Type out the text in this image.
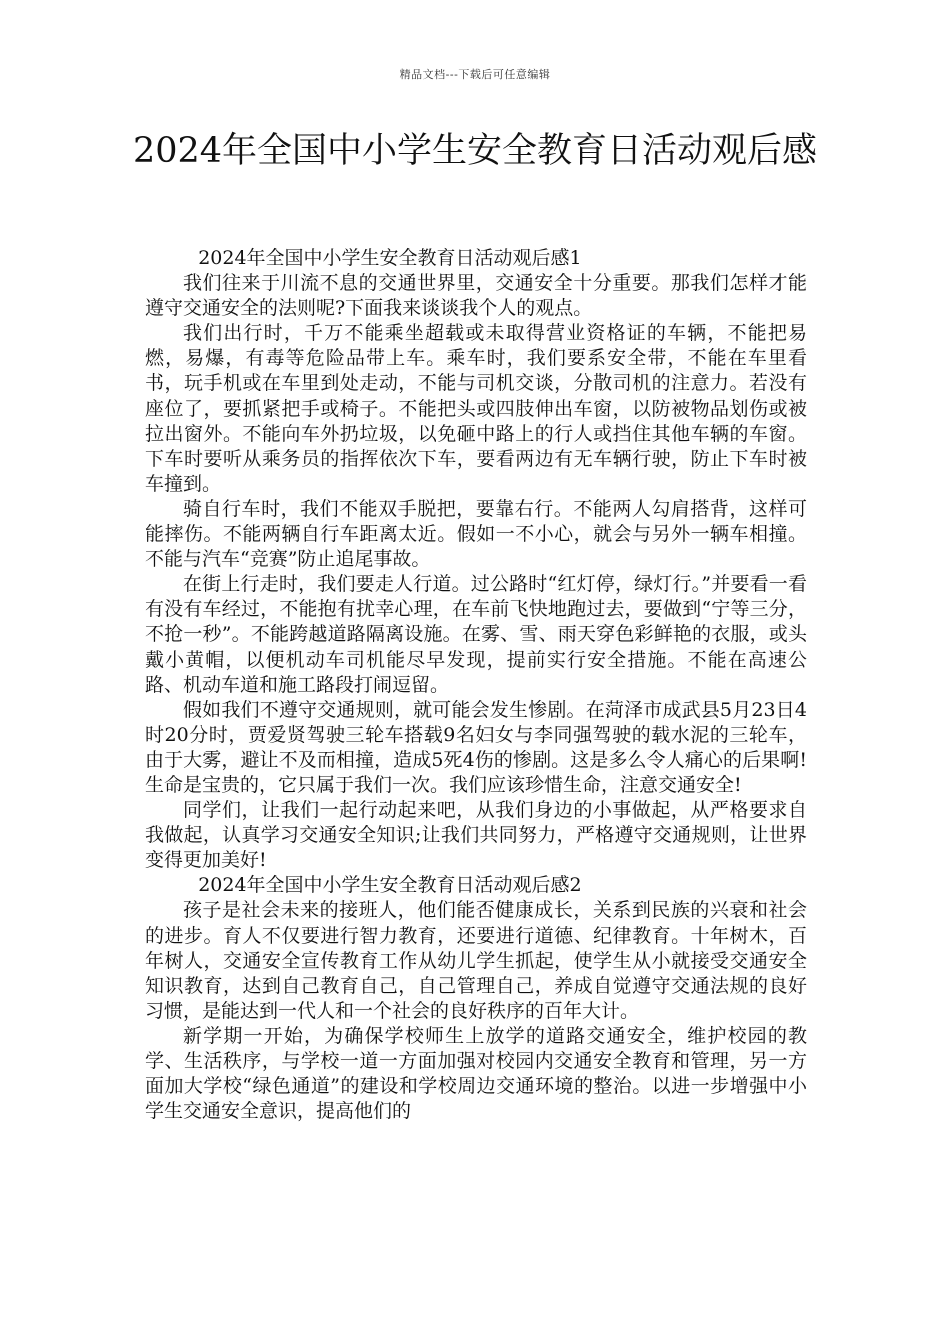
精品文档---下载后可任意编辑
2024年全国中小学生安全教育日活动观后感

2024年全国中小学生安全教育日活动观后感1

我们往来于川流不息的交通世界里，交通安全十分重要。那我们怎样才能遵守交通安全的法则呢?下面我来谈谈我个人的观点。

我们出行时，千万不能乘坐超载或未取得营业资格证的车辆，不能把易燃，易爆，有毒等危险品带上车。乘车时，我们要系安全带，不能在车里看书，玩手机或在车里到处走动，不能与司机交谈，分散司机的注意力。若没有座位了，要抓紧把手或椅子。不能把头或四肢伸出车窗，以防被物品划伤或被拉出窗外。不能向车外扔垃圾，以免砸中路上的行人或挡住其他车辆的车窗。下车时要听从乘务员的指挥依次下车，要看两边有无车辆行驶，防止下车时被车撞到。

骑自行车时，我们不能双手脱把，要靠右行。不能两人勾肩搭背，这样可能摔伤。不能两辆自行车距离太近。假如一不小心，就会与另外一辆车相撞。不能与汽车“竞赛”防止追尾事故。

在街上行走时，我们要走人行道。过公路时“红灯停，绿灯行。”并要看一看有没有车经过，不能抱有扰幸心理，在车前飞快地跑过去，要做到“宁等三分，不抢一秒”。不能跨越道路隔离设施。在雾、雪、雨天穿色彩鲜艳的衣服，或头戴小黄帽，以便机动车司机能尽早发现，提前实行安全措施。不能在高速公路、机动车道和施工路段打闹逗留。

假如我们不遵守交通规则，就可能会发生惨剧。在菏泽市成武县5月23日4时20分时，贾爱贤驾驶三轮车搭载9名妇女与李同强驾驶的载水泥的三轮车，由于大雾，避让不及而相撞，造成5死4伤的惨剧。这是多么令人痛心的后果啊!生命是宝贵的，它只属于我们一次。我们应该珍惜生命，注意交通安全!

同学们，让我们一起行动起来吧，从我们身边的小事做起，从严格要求自我做起，认真学习交通安全知识;让我们共同努力，严格遵守交通规则，让世界变得更加美好!

2024年全国中小学生安全教育日活动观后感2

孩子是社会未来的接班人，他们能否健康成长，关系到民族的兴衰和社会的进步。育人不仅要进行智力教育，还要进行道德、纪律教育。十年树木，百年树人，交通安全宣传教育工作从幼儿学生抓起，使学生从小就接受交通安全知识教育，达到自己教育自己，自己管理自己，养成自觉遵守交通法规的良好习惯，是能达到一代人和一个社会的良好秩序的百年大计。

新学期一开始，为确保学校师生上放学的道路交通安全，维护校园的教学、生活秩序，与学校一道一方面加强对校园内交通安全教育和管理，另一方面加大学校“绿色通道”的建设和学校周边交通环境的整治。以进一步增强中小学生交通安全意识，提高他们的
